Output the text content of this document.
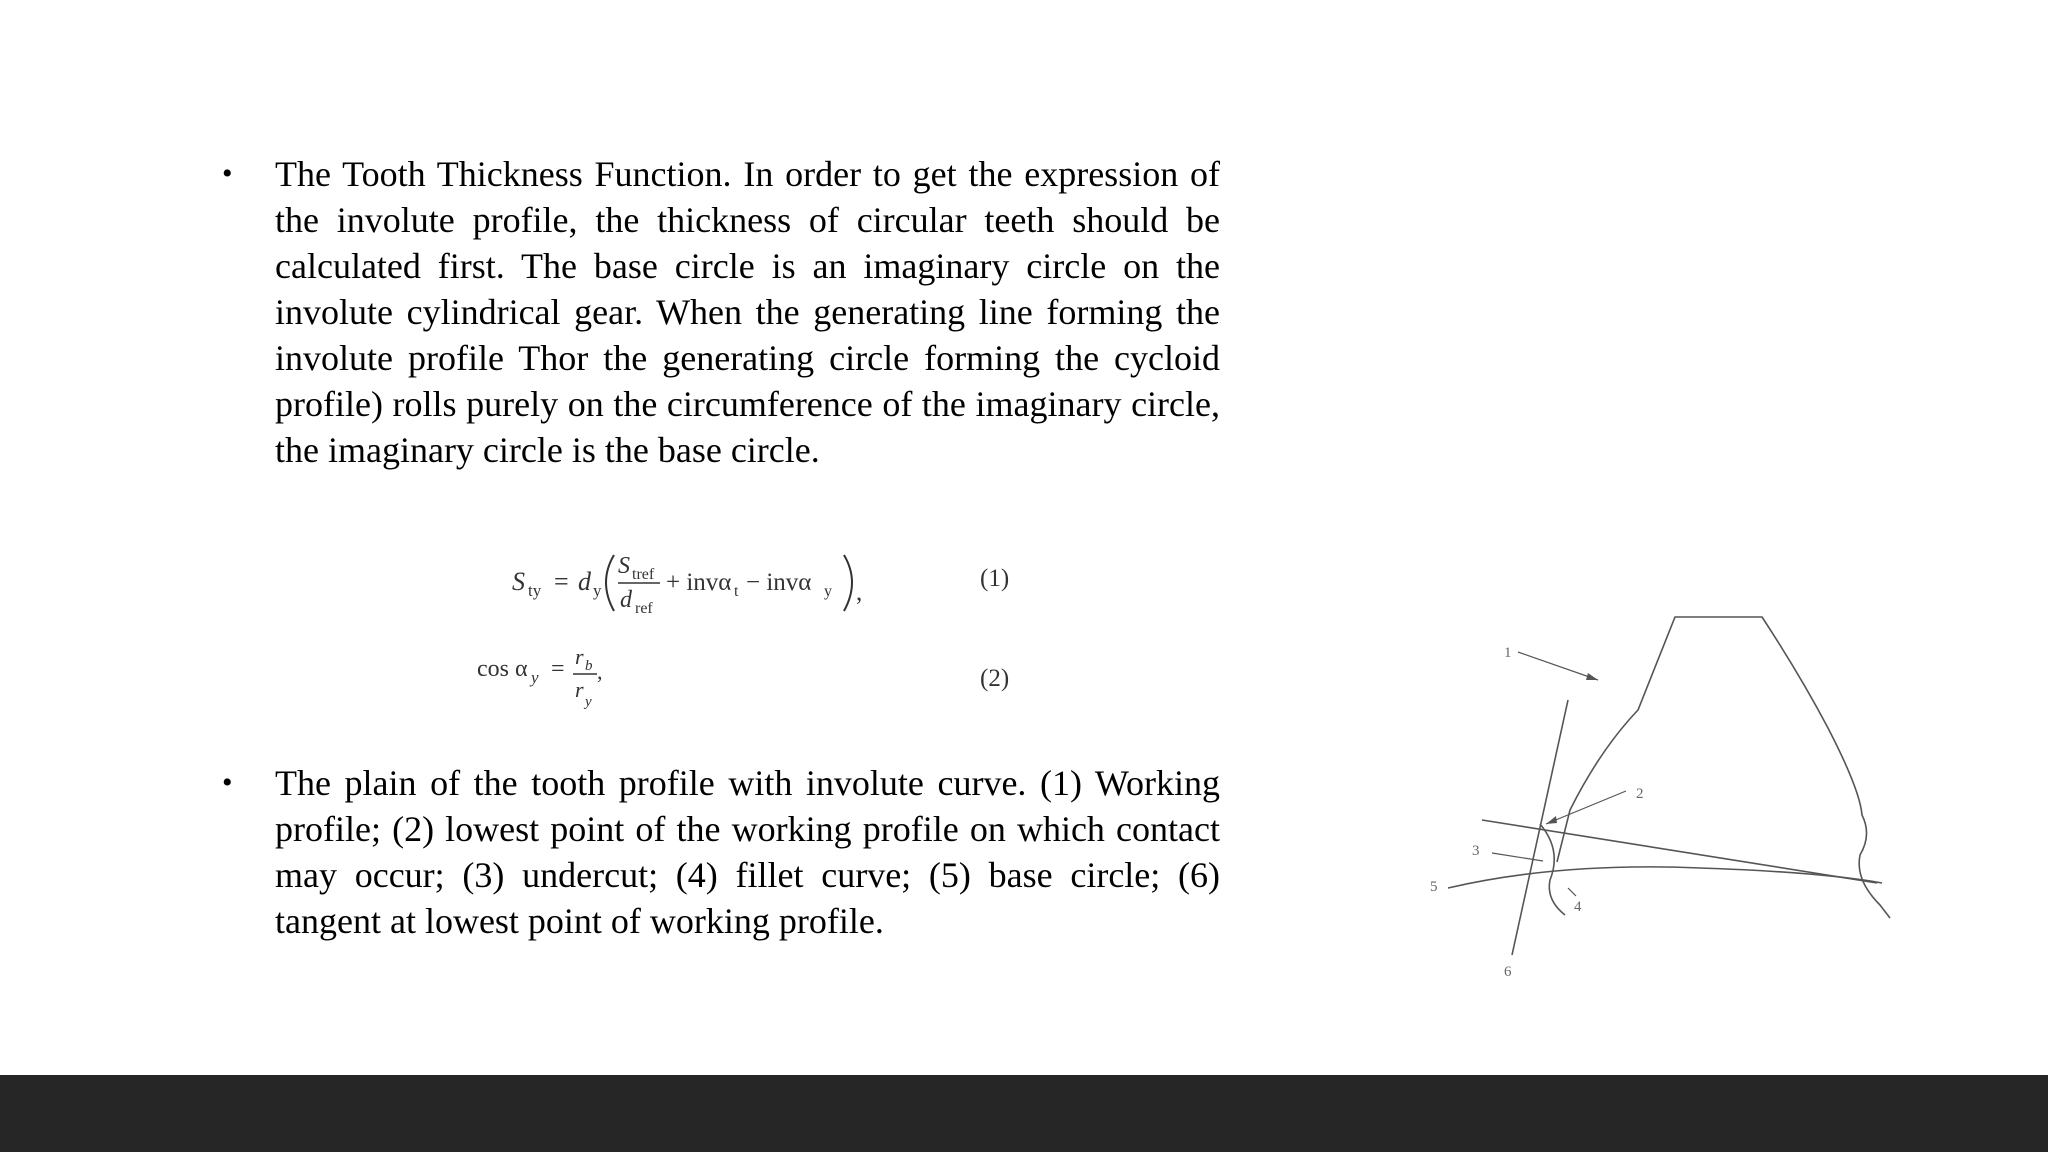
• The Tooth Thickness Function. In order to get the expression of the involute profile, the thickness of circular teeth should be calculated first. The base circle is an imaginary circle on the involute cylindrical gear. When the generating line forming the involute profile Thor the generating circle forming the cycloid profile) rolls purely on the circumference of the imaginary circle, the imaginary circle is the base circle.

S ty = d y
S tref
d ref
+ invα t − invα y ,
(1)
cos α y = r b
r y
,	(2)
• The plain of the tooth profile with involute curve. (1) Working profile; (2) lowest point of the working profile on which contact may occur; (3) undercut; (4) fillet curve; (5) base circle; (6) tangent at lowest point of working profile.

1
2
3
4
5
6
